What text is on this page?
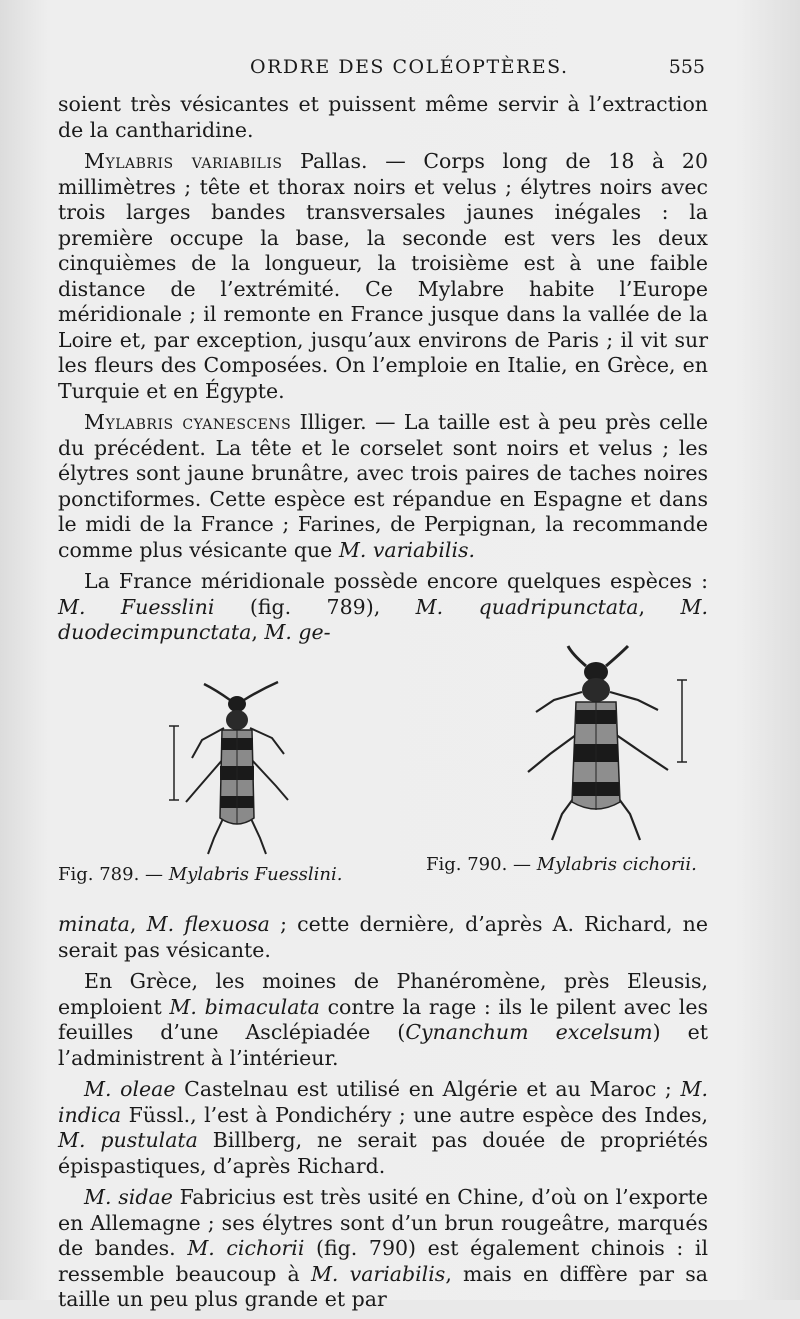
ORDRE DES COLÉOPTÈRES.	555

soient très vésicantes et puissent même servir à l’extraction de la cantharidine.

Mylabris variabilis Pallas. — Corps long de 18 à 20 millimètres ; tête et thorax noirs et velus ; élytres noirs avec trois larges bandes transversales jaunes inégales : la première occupe la base, la seconde est vers les deux cinquièmes de la longueur, la troisième est à une faible distance de l’extrémité. Ce Mylabre habite l’Europe méridionale ; il remonte en France jusque dans la vallée de la Loire et, par exception, jusqu’aux environs de Paris ; il vit sur les fleurs des Composées. On l’emploie en Italie, en Grèce, en Turquie et en Égypte.

Mylabris cyanescens Illiger. — La taille est à peu près celle du précédent. La tête et le corselet sont noirs et velus ; les élytres sont jaune brunâtre, avec trois paires de taches noires ponctiformes. Cette espèce est répandue en Espagne et dans le midi de la France ; Farines, de Perpignan, la recommande comme plus vésicante que M. variabilis.

La France méridionale possède encore quelques espèces : M. Fuesslini (fig. 789), M. quadripunctata, M. duodecimpunctata, M. ge-

Fig. 789. — Mylabris Fuesslini.	Fig. 790. — Mylabris cichorii.

minata, M. flexuosa ; cette dernière, d’après A. Richard, ne serait pas vésicante.

En Grèce, les moines de Phanéromène, près Eleusis, emploient M. bimaculata contre la rage : ils le pilent avec les feuilles d’une Asclépiadée (Cynanchum excelsum) et l’administrent à l’intérieur.

M. oleae Castelnau est utilisé en Algérie et au Maroc ; M. indica Füssl., l’est à Pondichéry ; une autre espèce des Indes, M. pustulata Billberg, ne serait pas douée de propriétés épispastiques, d’après Richard.

M. sidae Fabricius est très usité en Chine, d’où on l’exporte en Allemagne ; ses élytres sont d’un brun rougeâtre, marqués de bandes. M. cichorii (fig. 790) est également chinois : il ressemble beaucoup à M. variabilis, mais en diffère par sa taille un peu plus grande et par
